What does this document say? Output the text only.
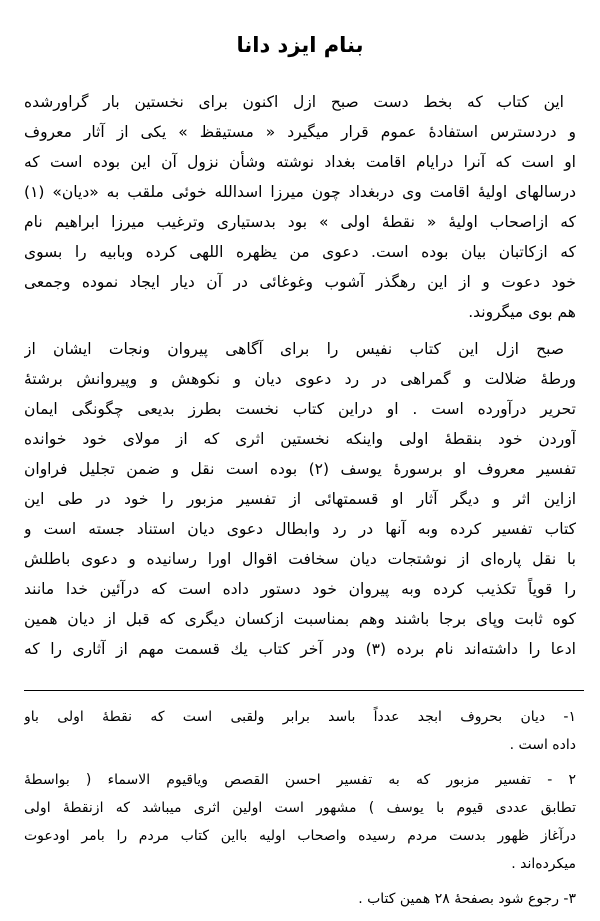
بنام ایزد دانا
این کتاب که بخط دست صبح ازل اکنون برای نخستین بار گراورشده
و دردسترس استفادهٔ عموم قرار میگیرد « مستیقظ » یکی از آثار معروف
او است که آنرا درایام اقامت بغداد نوشته وشأن نزول آن این بوده است که
درسالهای اولیهٔ اقامت وی دربغداد چون میرزا اسدالله خوئی ملقب به «دیان» (۱)
که ازاصحاب اولیهٔ « نقطهٔ اولی » بود بدستیاری وترغیب میرزا ابراهیم نام
که ازکاتبان بیان بوده است. دعوی من یظهره اللهی کرده وبابیه را بسوی
خود دعوت و از این رهگذر آشوب وغوغائی در آن دیار ایجاد نموده وجمعی
هم بوی میگروند.
صبح ازل این کتاب نفیس را برای آگاهی پیروان ونجات ایشان از
ورطهٔ ضلالت و گمراهی در رد دعوی دیان و نکوهش و وپیروانش برشتهٔ
تحریر درآورده است . او دراین کتاب نخست بطرز بدیعی چگونگی ایمان
آوردن خود بنقطهٔ اولی واینکه نخستین اثری که از مولای خود خوانده
تفسیر معروف او برسورهٔ یوسف (۲) بوده است نقل و ضمن تجلیل فراوان
ازاین اثر و دیگر آثار او قسمتهائی از تفسیر مزبور را خود در طی این
کتاب تفسیر کرده وبه آنها در رد وابطال دعوی دیان استناد جسته است و
با نقل پاره‌ای از نوشتجات دیان سخافت اقوال اورا رسانیده و دعوی باطلش
را قویاً تکذیب کرده وبه پیروان خود دستور داده است که درآئین خدا مانند
کوه ثابت وپای برجا باشند وهم بمناسبت ازکسان دیگری که قبل از دیان همین
ادعا را داشته‌اند نام برده (۳) ودر آخر کتاب یك قسمت مهم از آثاری را که
۱- دیان بحروف ابجد عدداً باسد برابر ولقبی است که نقطهٔ اولی باو
داده است .
۲ - تفسیر مزبور که به تفسیر احسن القصص ویاقیوم الاسماء ( بواسطهٔ
تطابق عددی قیوم با یوسف ) مشهور است اولین اثری میباشد که ازنقطهٔ اولی
درآغاز ظهور بدست مردم رسیده واصحاب اولیه بااین کتاب مردم را بامر اودعوت
میکرده‌اند .
۳- رجوع شود بصفحهٔ ۲۸ همین کتاب .
